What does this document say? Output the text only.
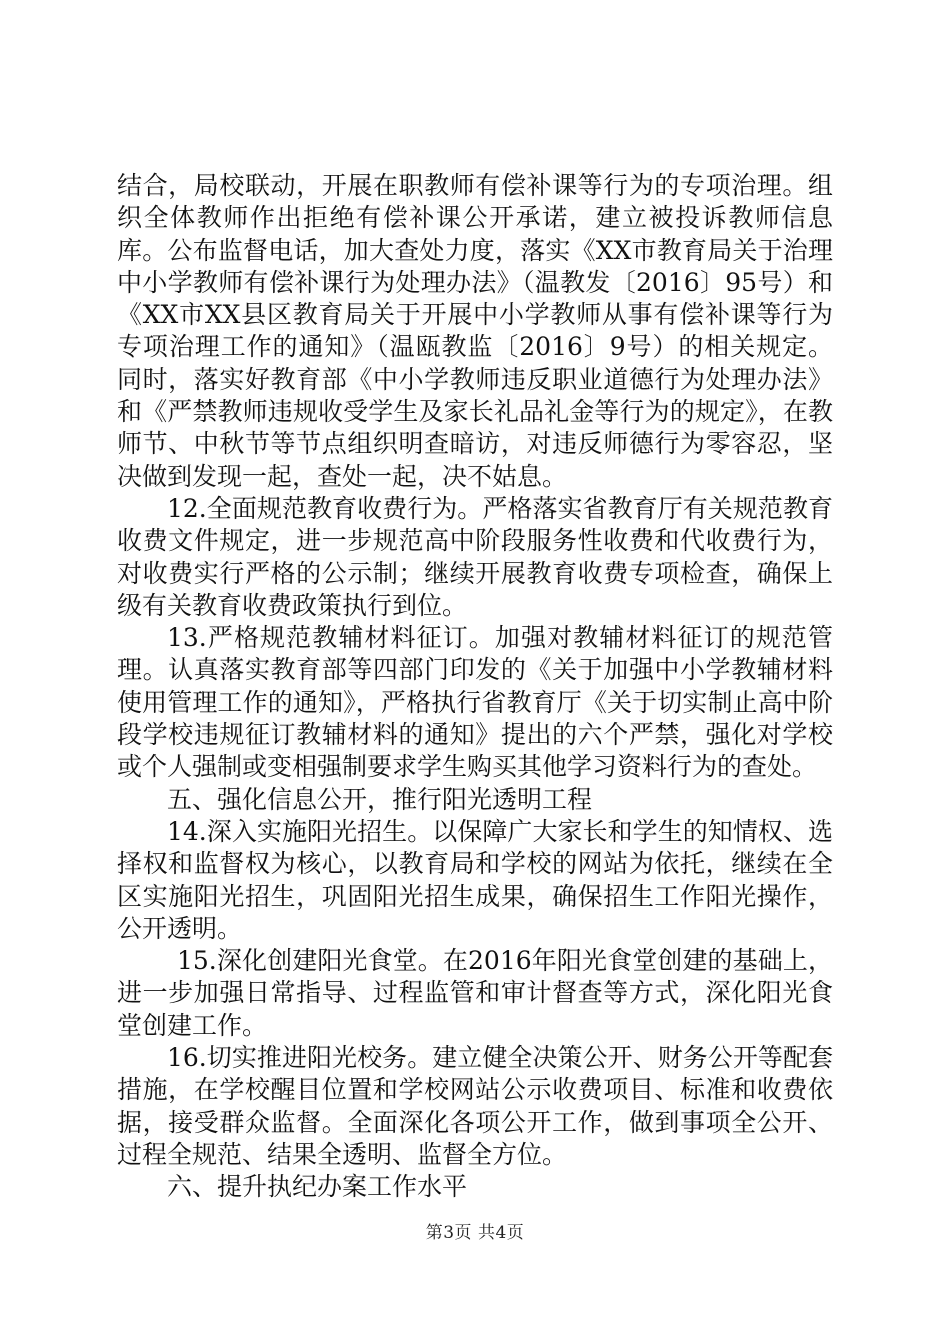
结合，局校联动，开展在职教师有偿补课等行为的专项治理。组织全体教师作出拒绝有偿补课公开承诺，建立被投诉教师信息库。公布监督电话，加大查处力度，落实《XX市教育局关于治理中小学教师有偿补课行为处理办法》（温教发〔2016〕95号）和《XX市XX县区教育局关于开展中小学教师从事有偿补课等行为专项治理工作的通知》（温瓯教监〔2016〕9号）的相关规定。同时，落实好教育部《中小学教师违反职业道德行为处理办法》和《严禁教师违规收受学生及家长礼品礼金等行为的规定》，在教师节、中秋节等节点组织明查暗访，对违反师德行为零容忍，坚决做到发现一起，查处一起，决不姑息。

12.全面规范教育收费行为。严格落实省教育厅有关规范教育收费文件规定，进一步规范高中阶段服务性收费和代收费行为，对收费实行严格的公示制；继续开展教育收费专项检查，确保上级有关教育收费政策执行到位。

13.严格规范教辅材料征订。加强对教辅材料征订的规范管理。认真落实教育部等四部门印发的《关于加强中小学教辅材料使用管理工作的通知》，严格执行省教育厅《关于切实制止高中阶段学校违规征订教辅材料的通知》提出的六个严禁，强化对学校或个人强制或变相强制要求学生购买其他学习资料行为的查处。

五、强化信息公开，推行阳光透明工程

14.深入实施阳光招生。以保障广大家长和学生的知情权、选择权和监督权为核心，以教育局和学校的网站为依托，继续在全区实施阳光招生，巩固阳光招生成果，确保招生工作阳光操作，公开透明。

15.深化创建阳光食堂。在2016年阳光食堂创建的基础上，进一步加强日常指导、过程监管和审计督查等方式，深化阳光食堂创建工作。

16.切实推进阳光校务。建立健全决策公开、财务公开等配套措施，在学校醒目位置和学校网站公示收费项目、标准和收费依据，接受群众监督。全面深化各项公开工作，做到事项全公开、过程全规范、结果全透明、监督全方位。

六、提升执纪办案工作水平

第3页 共4页
